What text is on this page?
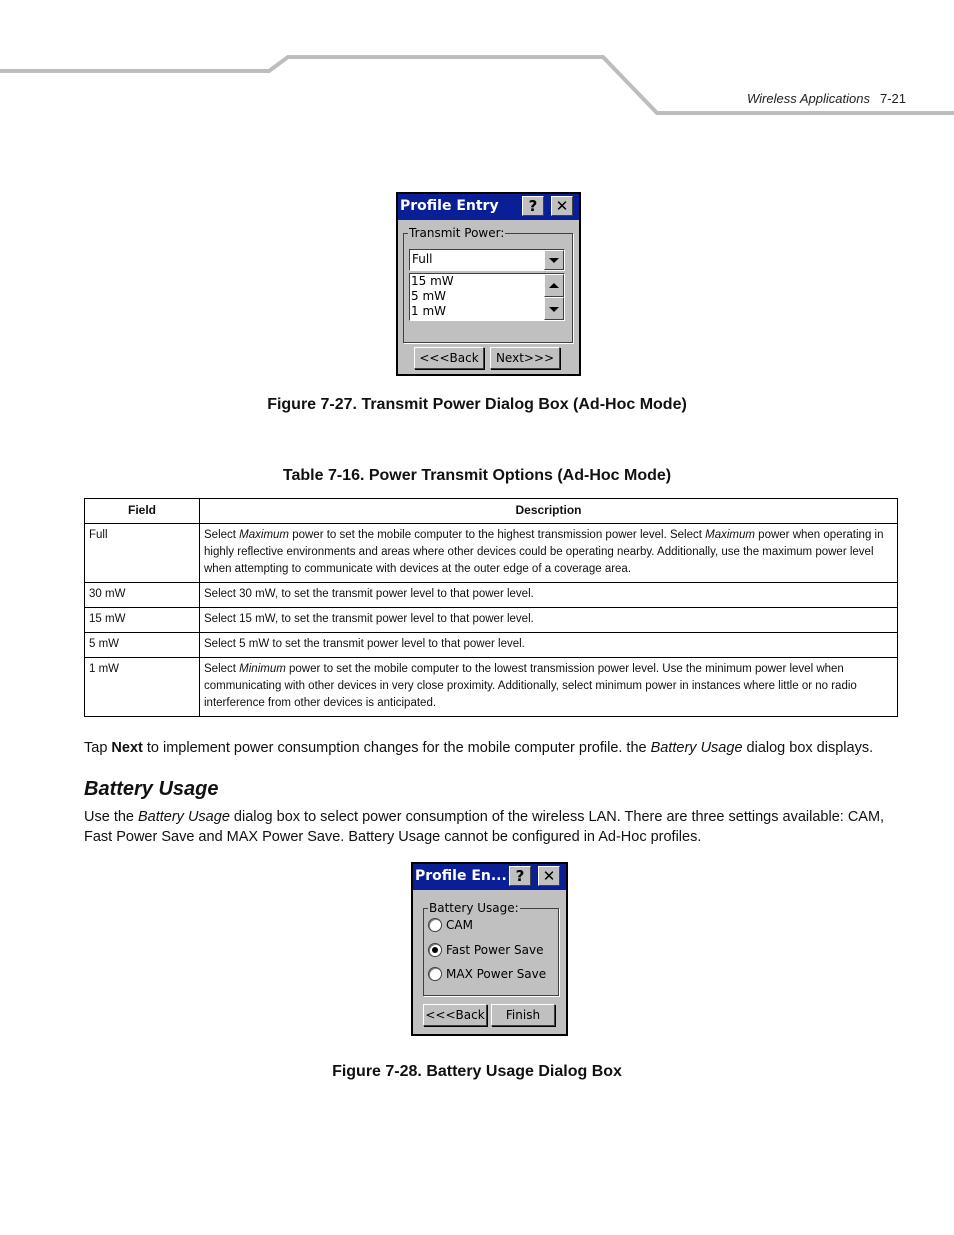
Wireless Applications 7-21
Profile Entry	?	✕
Transmit Power:
Full
15 mW
5 mW
1 mW
<<<Back	Next>>>
Figure 7-27. Transmit Power Dialog Box (Ad-Hoc Mode)
Table 7-16. Power Transmit Options (Ad-Hoc Mode)
Field	Description
Full	Select Maximum power to set the mobile computer to the highest transmission power level. Select Maximum power when operating in highly reflective environments and areas where other devices could be operating nearby. Additionally, use the maximum power level when attempting to communicate with devices at the outer edge of a coverage area.
30 mW	Select 30 mW, to set the transmit power level to that power level.
15 mW	Select 15 mW, to set the transmit power level to that power level.
5 mW	Select 5 mW to set the transmit power level to that power level.
1 mW	Select Minimum power to set the mobile computer to the lowest transmission power level. Use the minimum power level when communicating with other devices in very close proximity. Additionally, select minimum power in instances where little or no radio interference from other devices is anticipated.
Tap Next to implement power consumption changes for the mobile computer profile. the Battery Usage dialog box displays.
Battery Usage
Use the Battery Usage dialog box to select power consumption of the wireless LAN. There are three settings available: CAM, Fast Power Save and MAX Power Save. Battery Usage cannot be configured in Ad-Hoc profiles.
Profile En... ?	✕
Battery Usage:
CAM
Fast Power Save
MAX Power Save
<<<Back	Finish
Figure 7-28. Battery Usage Dialog Box
